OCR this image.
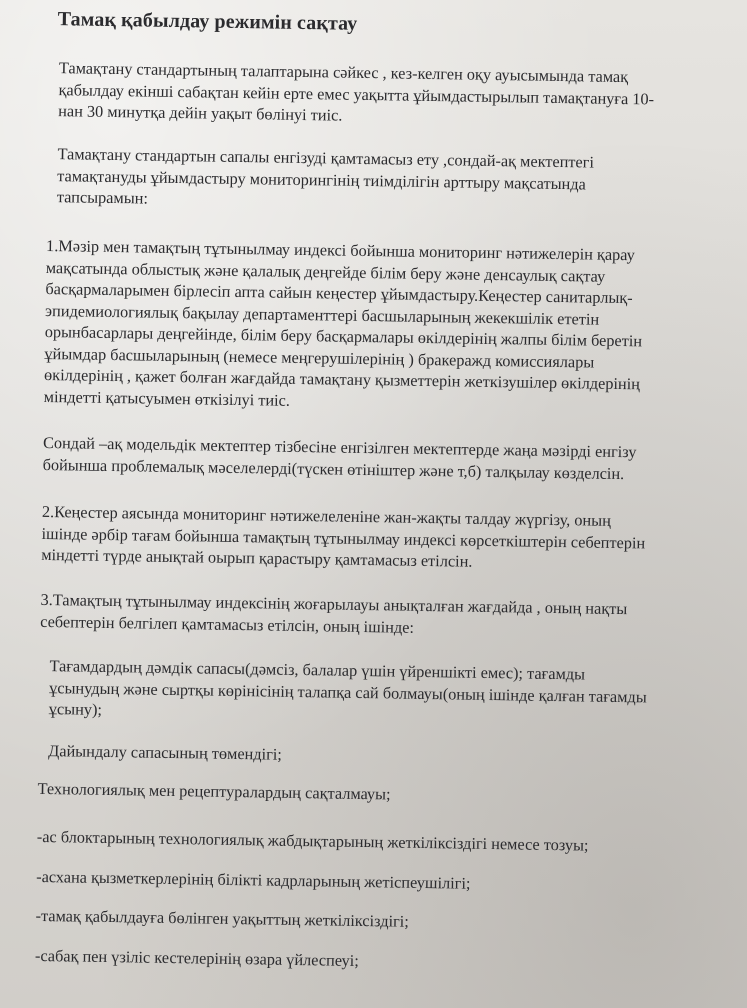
Тамақ қабылдау режимін сақтау

Тамақтану стандартының талаптарына сәйкес , кез-келген оқу ауысымында тамақ
қабылдау екінші сабақтан кейін ерте емес уақытта ұйымдастырылып тамақтануға 10-
нан 30 минутқа дейін уақыт бөлінуі тиіс.

Тамақтану стандартын сапалы енгізуді қамтамасыз ету ,сондай-ақ мектептегі
тамақтануды ұйымдастыру мониторингінің тиімділігін арттыру мақсатында
тапсырамын:

1.Мәзір мен тамақтың тұтынылмау индексі бойынша мониторинг нәтижелерін қарау
мақсатында облыстық және қалалық деңгейде білім беру және денсаулық сақтау
басқармаларымен бірлесіп апта сайын кеңестер ұйымдастыру.Кеңестер санитарлық-
эпидемиологиялық бақылау департаменттері басшыларының жекекшілік ететін
орынбасарлары деңгейінде, білім беру басқармалары өкілдерінің жалпы білім беретін
ұйымдар басшыларының (немесе меңгерушілерінің ) бракеражд комиссиялары
өкілдерінің , қажет болған жағдайда тамақтану қызметтерін жеткізушілер өкілдерінің
міндетті қатысуымен өткізілуі тиіс.

Сондай –ақ модельдік мектептер тізбесіне енгізілген мектептерде жаңа мәзірді енгізу
бойынша проблемалық мәселелерді(түскен өтініштер және т,б) талқылау көзделсін.

2.Кеңестер аясында мониторинг нәтижелеленіне жан-жақты талдау жүргізу, оның
ішінде әрбір тағам бойынша тамақтың тұтынылмау индексі көрсеткіштерін себептерін
міндетті түрде анықтай оырып қарастыру қамтамасыз етілсін.

3.Тамақтың тұтынылмау индексінің жоғарылауы анықталған жағдайда , оның нақты
себептерін белгілеп қамтамасыз етілсін, оның ішінде:

Тағамдардың дәмдік сапасы(дәмсіз, балалар үшін үйреншікті емес); тағамды
ұсынудың және сыртқы көрінісінің талапқа сай болмауы(оның ішінде қалған тағамды
ұсыну);

Дайындалу сапасының төмендігі;

Технологиялық мен рецептуралардың сақталмауы;

-ас блоктарының технологиялық жабдықтарының жеткіліксіздігі немесе тозуы;

-асхана қызметкерлерінің білікті кадрларының жетіспеушілігі;

-тамақ қабылдауға бөлінген уақыттың жеткіліксіздігі;

-сабақ пен үзіліс кестелерінің өзара үйлеспеуі;
